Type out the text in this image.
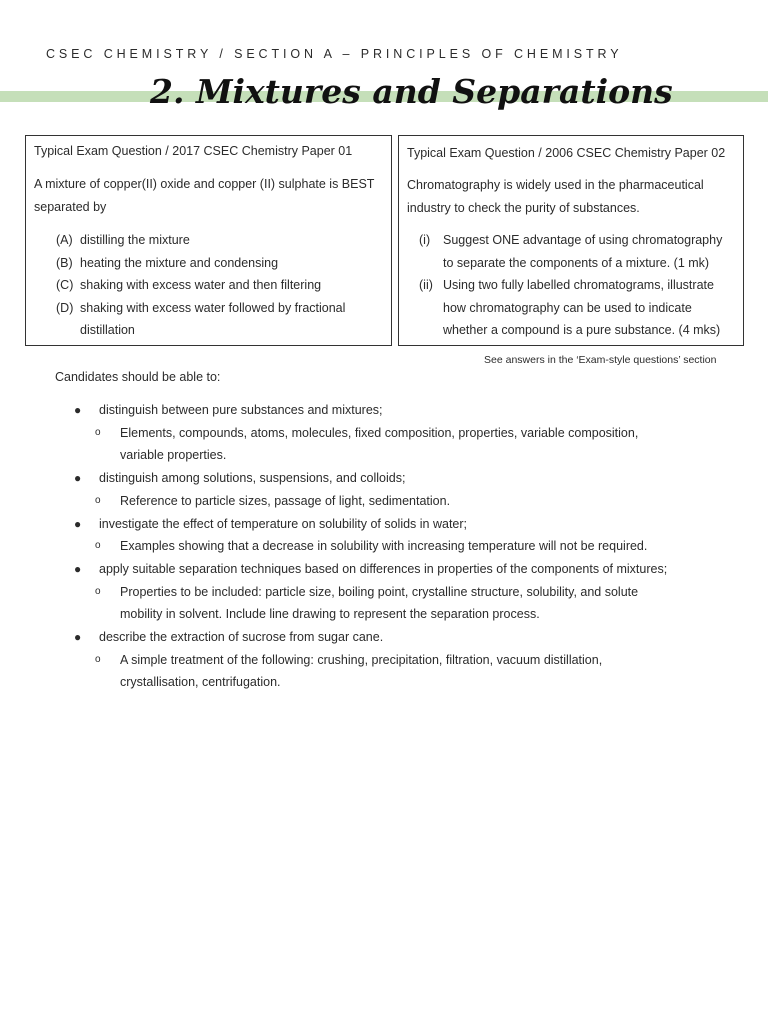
CSEC CHEMISTRY / SECTION A – PRINCIPLES OF CHEMISTRY
2. Mixtures and Separations
Typical Exam Question / 2017 CSEC Chemistry Paper 01
A mixture of copper(II) oxide and copper (II) sulphate is BEST separated by
(A) distilling the mixture
(B) heating the mixture and condensing
(C) shaking with excess water and then filtering
(D) shaking with excess water followed by fractional distillation
Typical Exam Question / 2006 CSEC Chemistry Paper 02
Chromatography is widely used in the pharmaceutical industry to check the purity of substances.
(i)	Suggest ONE advantage of using chromatography to separate the components of a mixture. (1 mk)
(ii) Using two fully labelled chromatograms, illustrate how chromatography can be used to indicate whether a compound is a pure substance. (4 mks)
See answers in the ‘Exam-style questions’ section
Candidates should be able to:
●	distinguish between pure substances and mixtures;
o	Elements, compounds, atoms, molecules, fixed composition, properties, variable composition, variable properties.
●	distinguish among solutions, suspensions, and colloids;
o	Reference to particle sizes, passage of light, sedimentation.
●	investigate the effect of temperature on solubility of solids in water;
o	Examples showing that a decrease in solubility with increasing temperature will not be required.
●	apply suitable separation techniques based on differences in properties of the components of mixtures;
o	Properties to be included: particle size, boiling point, crystalline structure, solubility, and solute mobility in solvent. Include line drawing to represent the separation process.
●	describe the extraction of sucrose from sugar cane.
o	A simple treatment of the following: crushing, precipitation, filtration, vacuum distillation, crystallisation, centrifugation.
